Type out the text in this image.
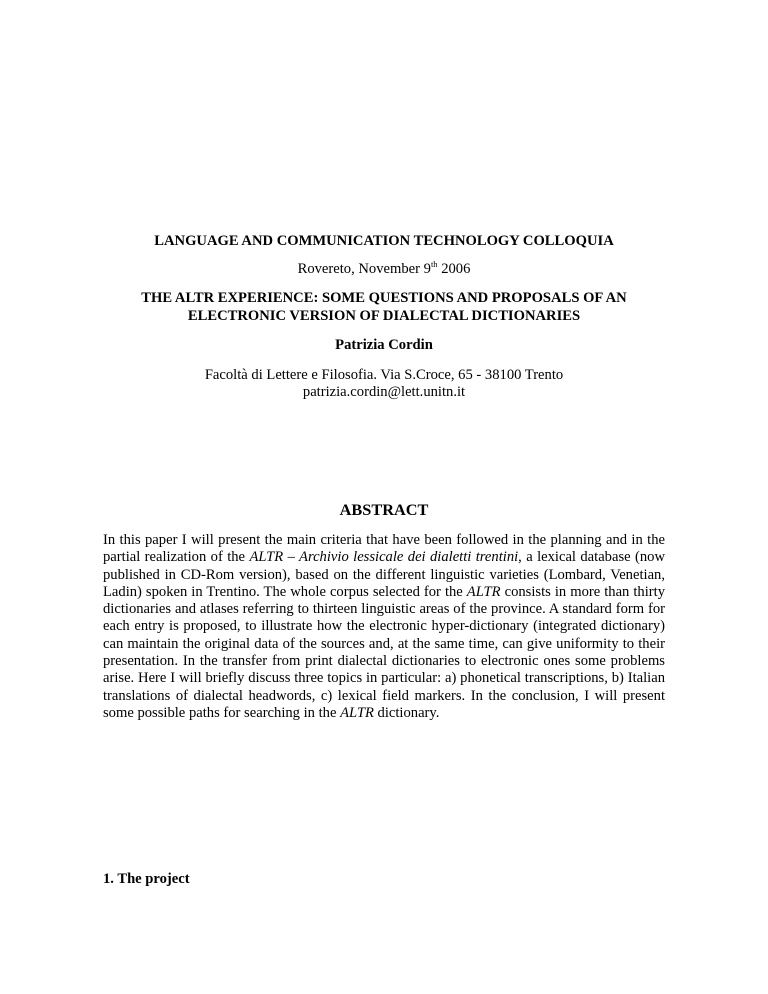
LANGUAGE AND COMMUNICATION TECHNOLOGY COLLOQUIA
Rovereto, November 9th 2006
THE ALTR EXPERIENCE: SOME QUESTIONS AND PROPOSALS OF AN
ELECTRONIC VERSION OF DIALECTAL DICTIONARIES
Patrizia Cordin
Facoltà di Lettere e Filosofia. Via S.Croce, 65 - 38100 Trento
patrizia.cordin@lett.unitn.it
ABSTRACT

In this paper I will present the main criteria that have been followed in the planning and in the partial realization of the ALTR – Archivio lessicale dei dialetti trentini, a lexical database (now published in CD-Rom version), based on the different linguistic varieties (Lombard, Venetian, Ladin) spoken in Trentino. The whole corpus selected for the ALTR consists in more than thirty dictionaries and atlases referring to thirteen linguistic areas of the province. A standard form for each entry is proposed, to illustrate how the electronic hyper-dictionary (integrated dictionary) can maintain the original data of the sources and, at the same time, can give uniformity to their presentation. In the transfer from print dialectal dictionaries to electronic ones some problems arise. Here I will briefly discuss three topics in particular: a) phonetical transcriptions, b) Italian translations of dialectal headwords, c) lexical field markers. In the conclusion, I will present some possible paths for searching in the ALTR dictionary.

1. The project
